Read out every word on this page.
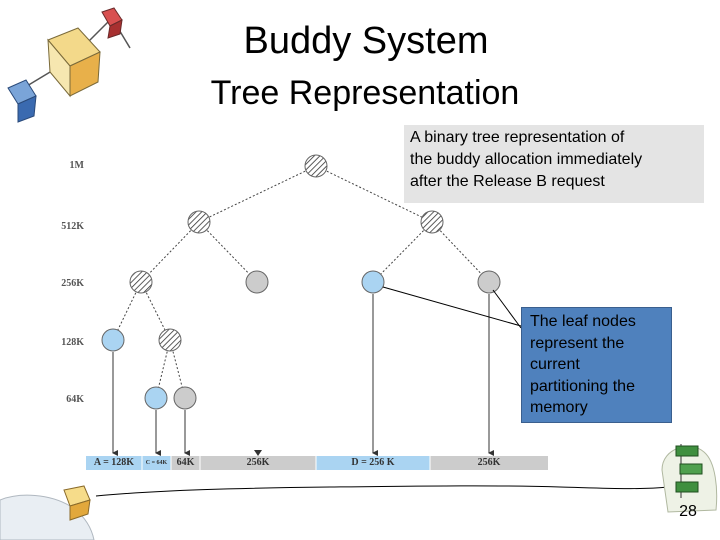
Buddy System
Tree Representation
1M
512K
256K
128K
64K
A = 128K	C = 64K 64K	256K	D = 256 K	256K
A binary tree representation of
the buddy allocation immediately
after the Release B request
The leaf nodes
represent the
current
partitioning the
memory
28
